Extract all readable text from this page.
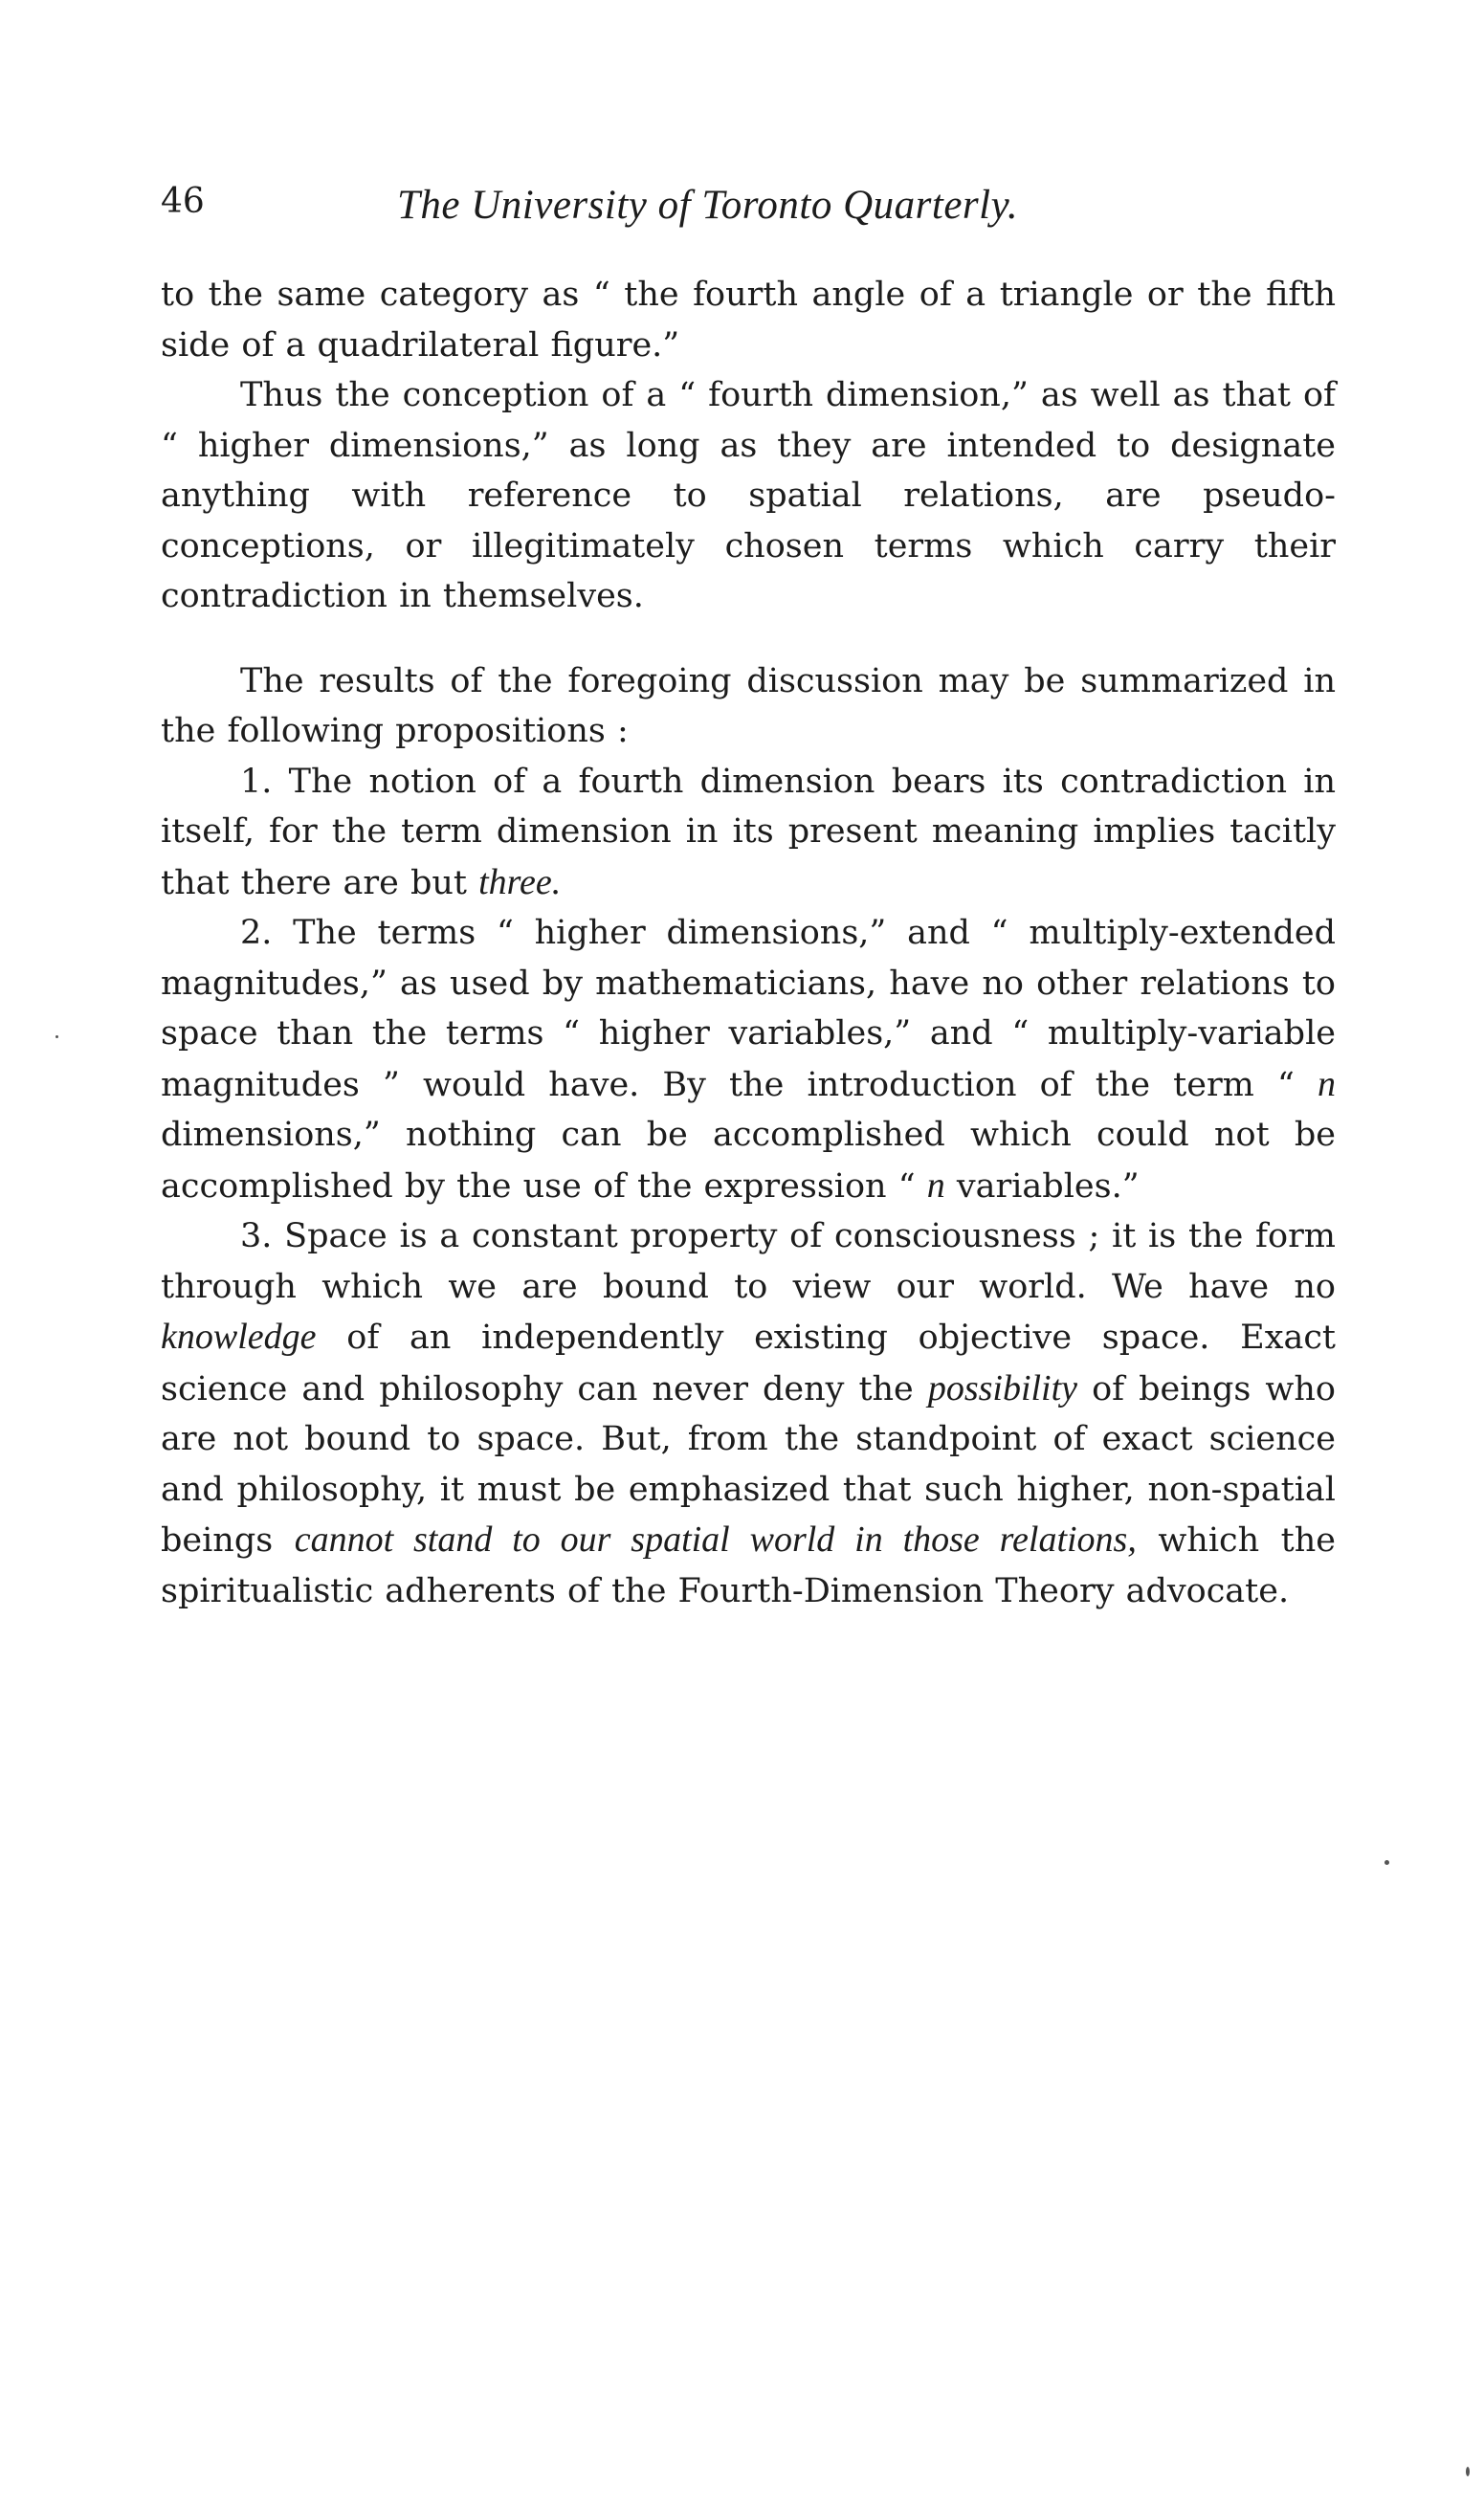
46	The University of Toronto Quarterly.

to the same category as “ the fourth angle of a triangle or the fifth side of a quadrilateral figure.”

Thus the conception of a “ fourth dimension,” as well as that of “ higher dimensions,” as long as they are intended to designate anything with reference to spatial relations, are pseudo-conceptions, or illegitimately chosen terms which carry their contradiction in themselves.

The results of the foregoing discussion may be summarized in the following propositions :

1. The notion of a fourth dimension bears its contradiction in itself, for the term dimension in its present meaning implies tacitly that there are but three.

2. The terms “ higher dimensions,” and “ multiply-extended magnitudes,” as used by mathematicians, have no other relations to space than the terms “ higher variables,” and “ multiply-variable magnitudes ” would have. By the introduction of the term “ n dimensions,” nothing can be accomplished which could not be accomplished by the use of the expression “ n variables.”

3. Space is a constant property of consciousness ; it is the form through which we are bound to view our world. We have no knowledge of an independently existing objective space. Exact science and philosophy can never deny the possibility of beings who are not bound to space. But, from the standpoint of exact science and philosophy, it must be emphasized that such higher, non-spatial beings cannot stand to our spatial world in those relations, which the spiritualistic adherents of the Fourth-Dimension Theory advocate.
